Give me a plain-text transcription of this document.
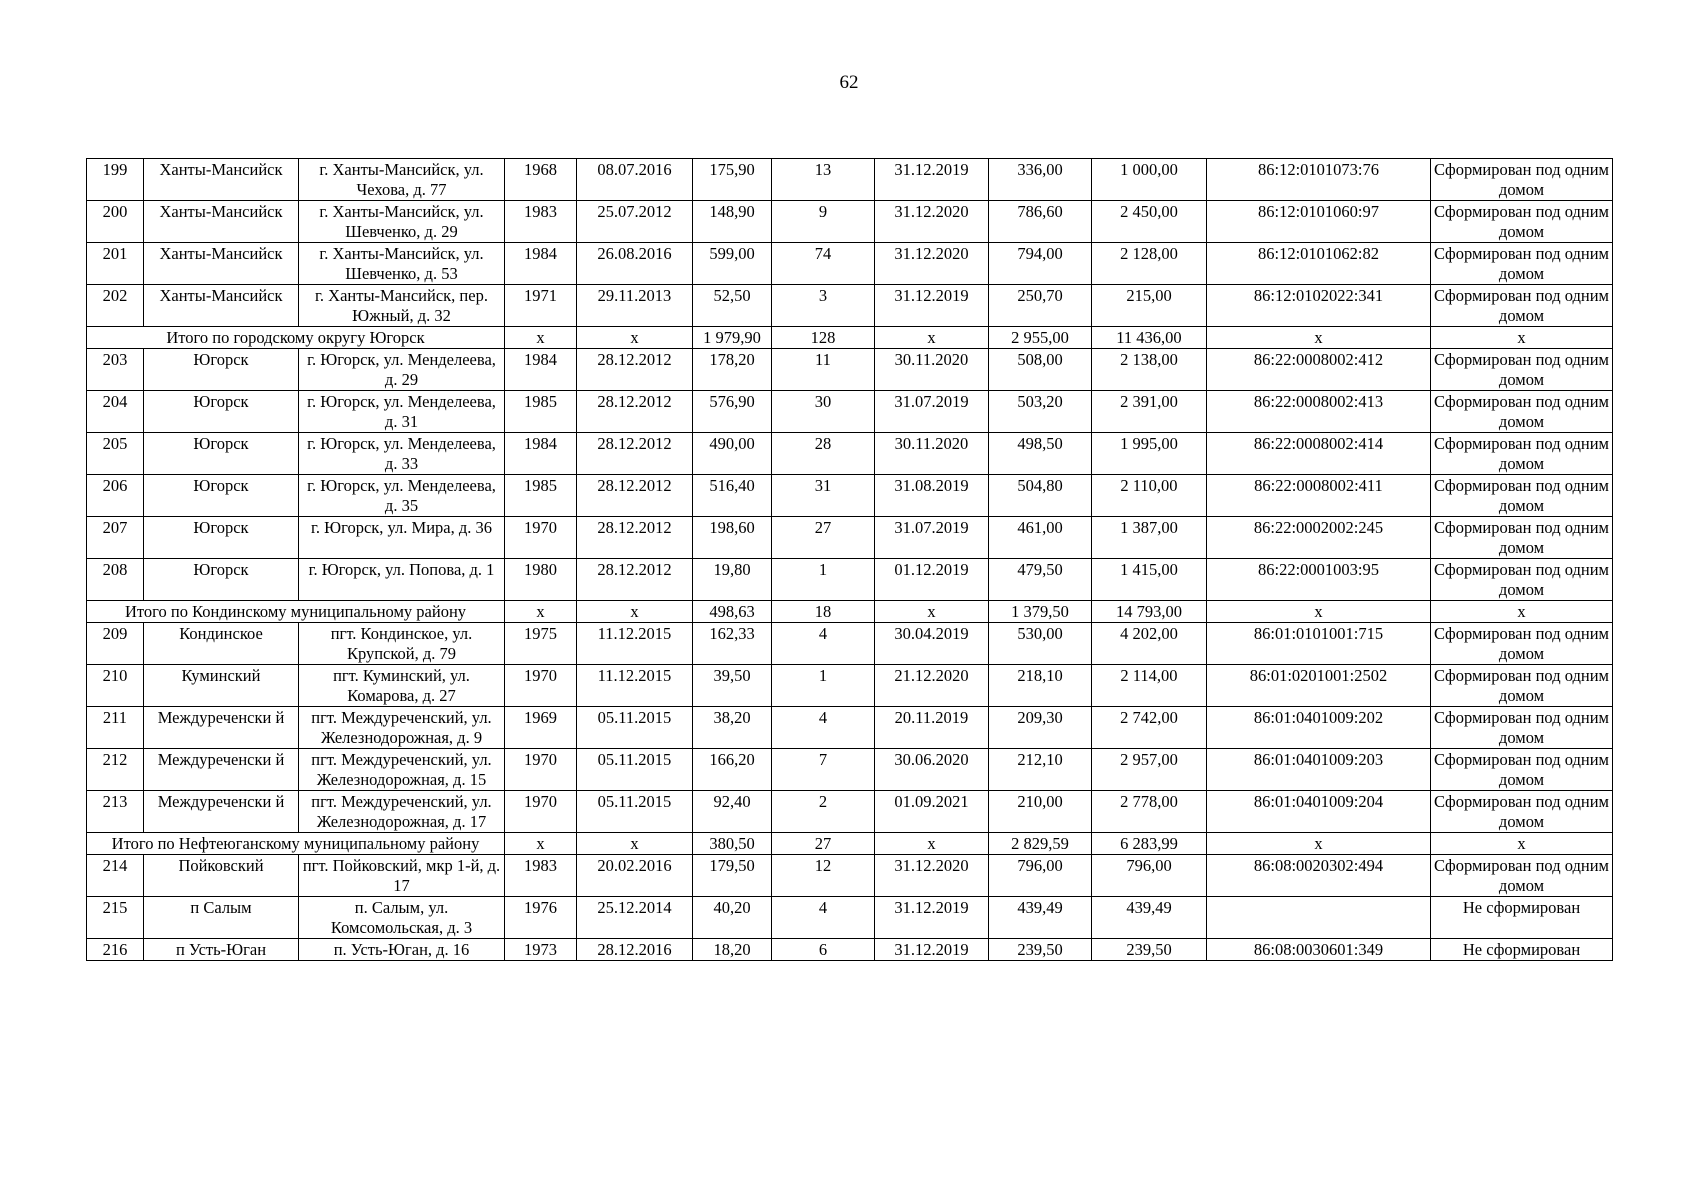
62
199	Ханты-Мансийск	г. Ханты-Мансийск, ул. Чехова, д. 77	1968	08.07.2016	175,90	13	31.12.2019	336,00	1 000,00	86:12:0101073:76	Сформирован под одним домом
200	Ханты-Мансийск	г. Ханты-Мансийск, ул. Шевченко, д. 29	1983	25.07.2012	148,90	9	31.12.2020	786,60	2 450,00	86:12:0101060:97	Сформирован под одним домом
201	Ханты-Мансийск	г. Ханты-Мансийск, ул. Шевченко, д. 53	1984	26.08.2016	599,00	74	31.12.2020	794,00	2 128,00	86:12:0101062:82	Сформирован под одним домом
202	Ханты-Мансийск	г. Ханты-Мансийск, пер. Южный, д. 32	1971	29.11.2013	52,50	3	31.12.2019	250,70	215,00	86:12:0102022:341	Сформирован под одним домом
Итого по городскому округу Югорск			x	x	1 979,90	128	x	2 955,00	11 436,00	x	x
203	Югорск	г. Югорск, ул. Менделеева, д. 29	1984	28.12.2012	178,20	11	30.11.2020	508,00	2 138,00	86:22:0008002:412	Сформирован под одним домом
204	Югорск	г. Югорск, ул. Менделеева, д. 31	1985	28.12.2012	576,90	30	31.07.2019	503,20	2 391,00	86:22:0008002:413	Сформирован под одним домом
205	Югорск	г. Югорск, ул. Менделеева, д. 33	1984	28.12.2012	490,00	28	30.11.2020	498,50	1 995,00	86:22:0008002:414	Сформирован под одним домом
206	Югорск	г. Югорск, ул. Менделеева, д. 35	1985	28.12.2012	516,40	31	31.08.2019	504,80	2 110,00	86:22:0008002:411	Сформирован под одним домом
207	Югорск	г. Югорск, ул. Мира, д. 36	1970	28.12.2012	198,60	27	31.07.2019	461,00	1 387,00	86:22:0002002:245	Сформирован под одним домом
208	Югорск	г. Югорск, ул. Попова, д. 1	1980	28.12.2012	19,80	1	01.12.2019	479,50	1 415,00	86:22:0001003:95	Сформирован под одним домом
Итого по Кондинскому муниципальному району			x	x	498,63	18	x	1 379,50	14 793,00	x	x
209	Кондинское	пгт. Кондинское, ул. Крупской, д. 79	1975	11.12.2015	162,33	4	30.04.2019	530,00	4 202,00	86:01:0101001:715	Сформирован под одним домом
210	Куминский	пгт. Куминский, ул. Комарова, д. 27	1970	11.12.2015	39,50	1	21.12.2020	218,10	2 114,00	86:01:0201001:2502	Сформирован под одним домом
211	Междуреченски й	пгт. Междуреченский, ул. Железнодорожная, д. 9	1969	05.11.2015	38,20	4	20.11.2019	209,30	2 742,00	86:01:0401009:202	Сформирован под одним домом
212	Междуреченски й	пгт. Междуреченский, ул. Железнодорожная, д. 15	1970	05.11.2015	166,20	7	30.06.2020	212,10	2 957,00	86:01:0401009:203	Сформирован под одним домом
213	Междуреченски й	пгт. Междуреченский, ул. Железнодорожная, д. 17	1970	05.11.2015	92,40	2	01.09.2021	210,00	2 778,00	86:01:0401009:204	Сформирован под одним домом
Итого по Нефтеюганскому муниципальному району			x	x	380,50	27	x	2 829,59	6 283,99	x	x
214	Пойковский	пгт. Пойковский, мкр 1-й, д. 17	1983	20.02.2016	179,50	12	31.12.2020	796,00	796,00	86:08:0020302:494	Сформирован под одним домом
215	п Салым	п. Салым, ул. Комсомольская, д. 3	1976	25.12.2014	40,20	4	31.12.2019	439,49	439,49		Не сформирован
216	п Усть-Юган	п. Усть-Юган, д. 16	1973	28.12.2016	18,20	6	31.12.2019	239,50	239,50	86:08:0030601:349	Не сформирован
